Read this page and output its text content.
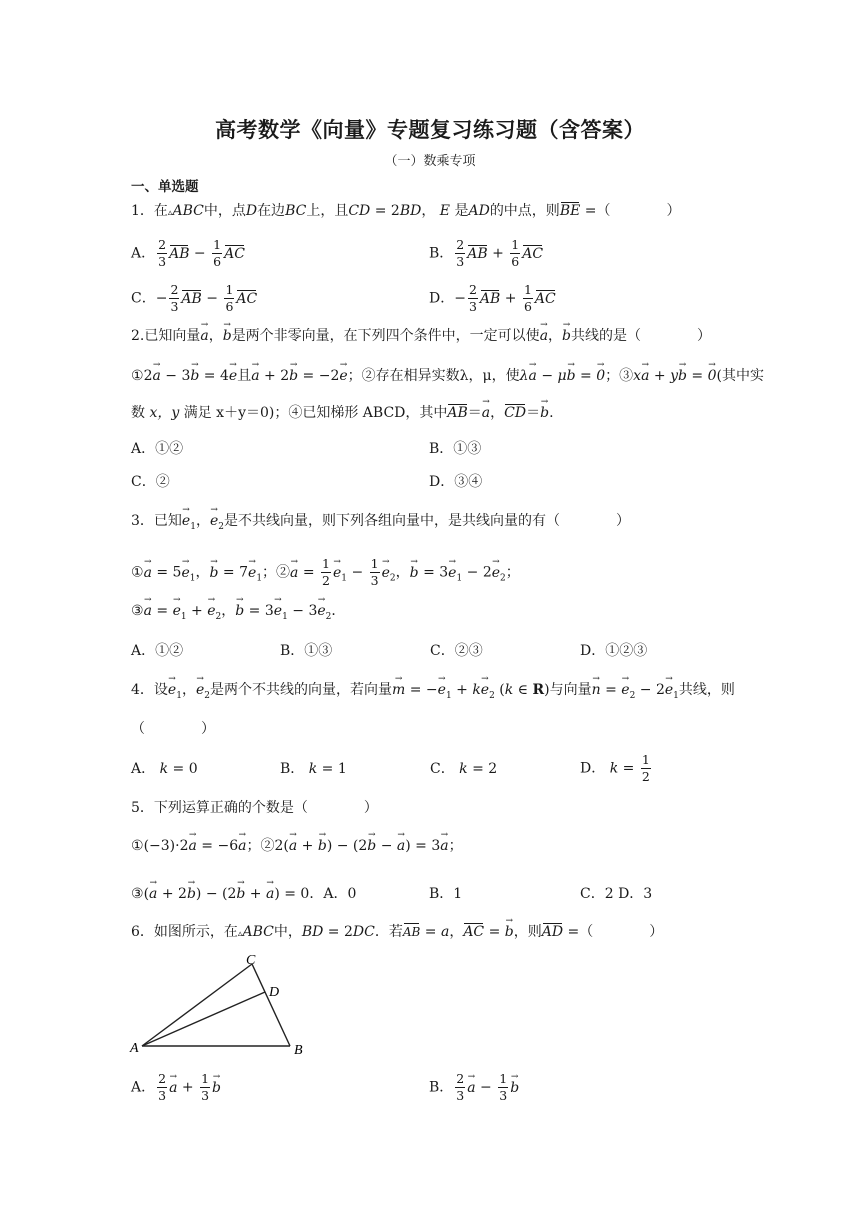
高考数学《向量》专题复习练习题（含答案）
（一）数乘专项
一、单选题
1．在▵ABC中，点D在边BC上，且CD = 2BD， E 是AD的中点，则BE =（　　　　）
A． $\frac{2}{3}$ AB − $\frac{1}{6}$ AC	B． $\frac{2}{3}$ AB + $\frac{1}{6}$ AC
C．− $\frac{2}{3}$ AB − $\frac{1}{6}$ AC	D．− $\frac{2}{3}$ AB + $\frac{1}{6}$ AC
2.已知向量→ a，→ b是两个非零向量，在下列四个条件中，一定可以使→ a，→ b共线的是（　　　　）
①2→ a − 3→ b = 4→ e且→ a + 2→ b = −2→ e；②存在相异实数λ，μ，使λ→ a − μ→ b = → 0；③x→ a + y→ b = → 0(其中实
数 x，y 满足 x＋y＝0)；④已知梯形 ABCD，其中AB＝→ a，CD＝→ b.
A．①②	B．①③
C．②	D．③④
3．已知→ $e_1$，→ $e_2$是不共线向量，则下列各组向量中，是共线向量的有（　　　　）
①→ $a = 5\to e_1$，→ $b = 7\to e_1$；②→ $a = \frac{1}{2}$
→ $e_1 - \frac{1}{3}$
→ $e_2$，→ $b = 3\to e_1 - 2\to e_2$；
③→ a = → $e_1$ + → $e_2$，→ $b = 3\to e_1 - 3\to e_2$．
A．①②	B．①③	C．②③	D．①②③
4．设→ $e_1$，→ $e_2$是两个不共线的向量，若向量→ m = −→ $e_1 + k\to e_2$ (k ∈ R)与向量→ n = → $e_2 - 2\to e_1$共线，则
（　　　　）
A． k = 0	B． k = 1	C． k = 2	D． $k = \frac{1}{2}$
5．下列运算正确的个数是（　　　　）
①(−3)·2→ a = −6→ a；②2(→ a + → b) − (2→ b − → a) = 3→ a；
③(→ a + 2→ b) − (2→ b + → a) = 0．A．0	B．1	C．2 D．3
6．如图所示，在▵ABC中，BD = 2DC．若AB = a，AC = → b，则AD =（　　　　）
C
D
A	B
A． $\frac{2}{3}$
→ $a + \frac{1}{3}$
→ b	B． $\frac{2}{3}$
→ $a - \frac{1}{3}$
→ b
